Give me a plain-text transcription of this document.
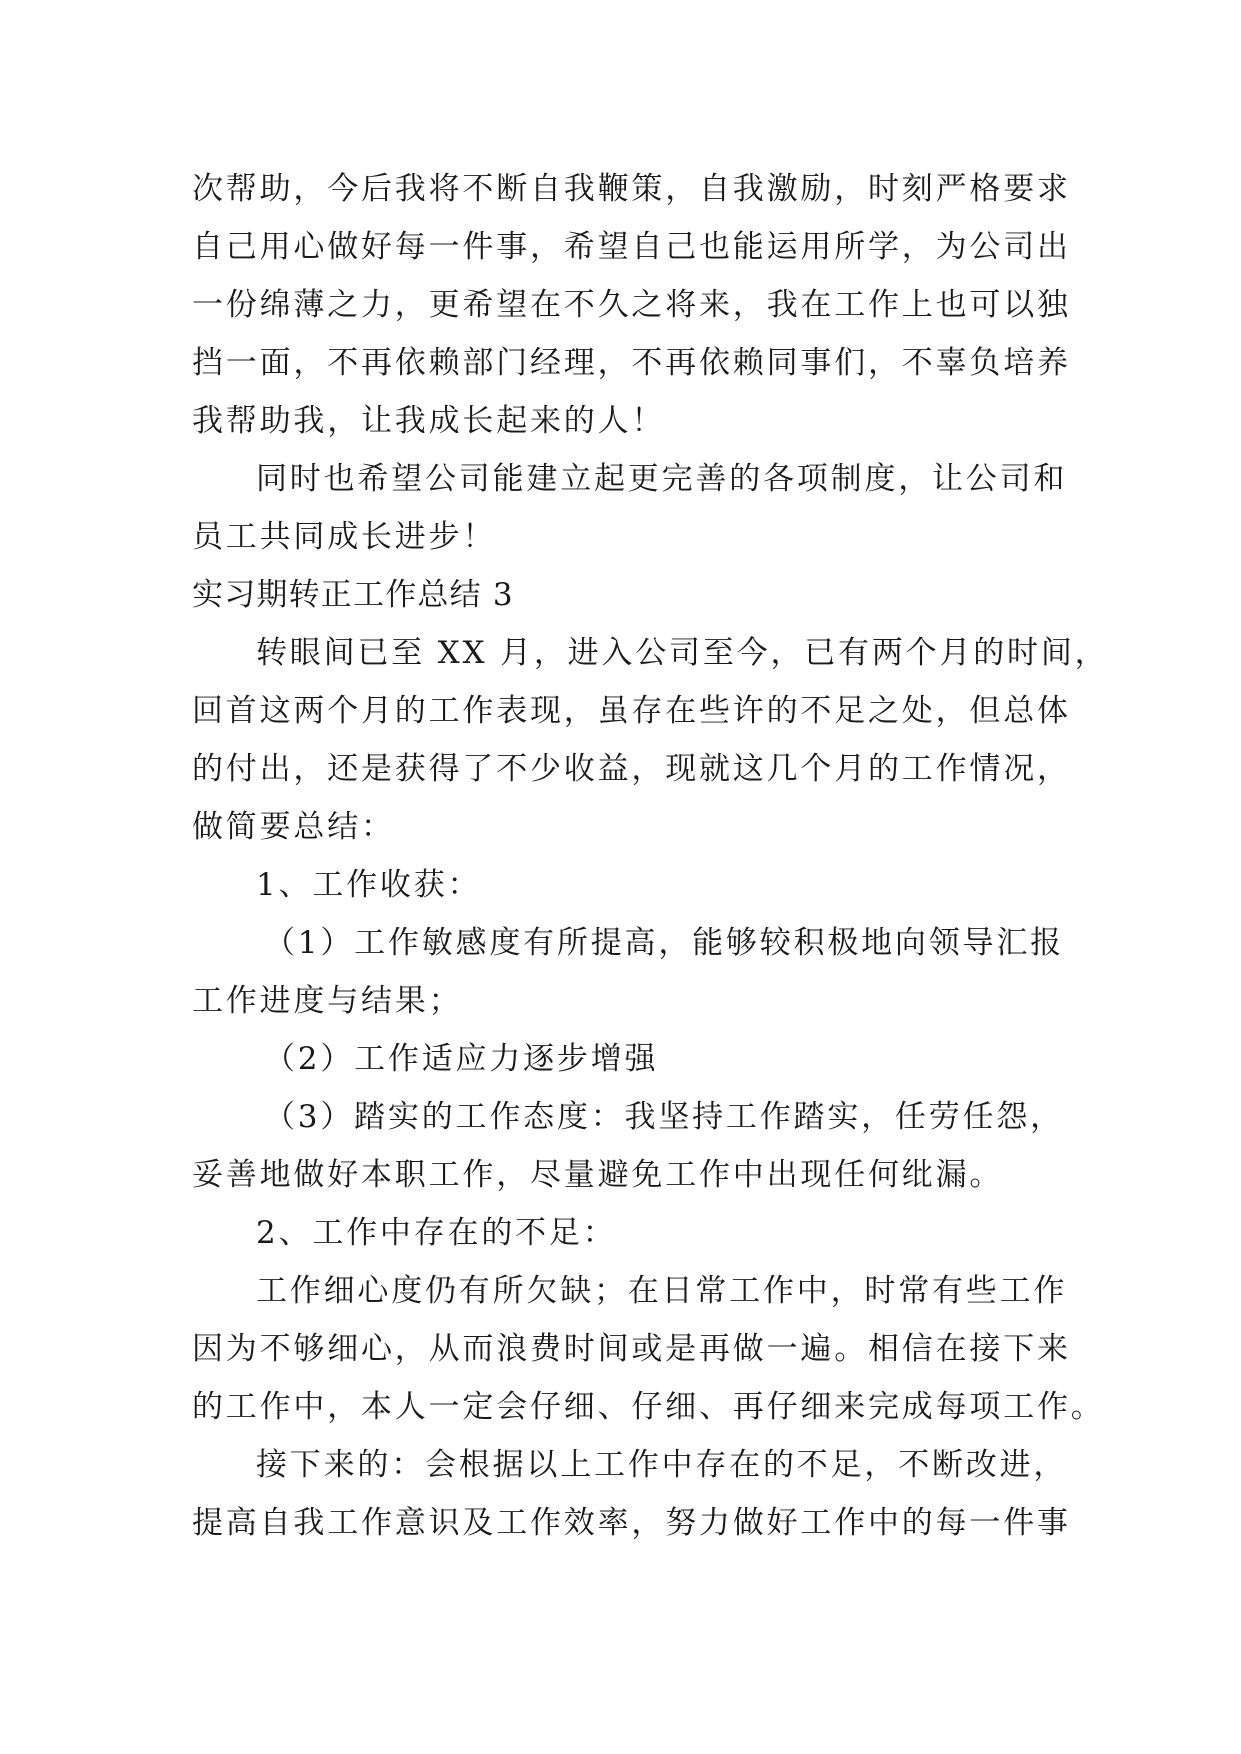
次帮助，今后我将不断自我鞭策，自我激励，时刻严格要求
自己用心做好每一件事，希望自己也能运用所学，为公司出
一份绵薄之力，更希望在不久之将来，我在工作上也可以独
挡一面，不再依赖部门经理，不再依赖同事们，不辜负培养
我帮助我，让我成长起来的人！
同时也希望公司能建立起更完善的各项制度，让公司和
员工共同成长进步！
实习期转正工作总结 3
转眼间已至 XX 月，进入公司至今，已有两个月的时间，
回首这两个月的工作表现，虽存在些许的不足之处，但总体
的付出，还是获得了不少收益，现就这几个月的工作情况，
做简要总结：
1、工作收获：
（1）工作敏感度有所提高，能够较积极地向领导汇报
工作进度与结果；
（2）工作适应力逐步增强
（3）踏实的工作态度：我坚持工作踏实，任劳任怨，
妥善地做好本职工作，尽量避免工作中出现任何纰漏。
2、工作中存在的不足：
工作细心度仍有所欠缺；在日常工作中，时常有些工作
因为不够细心，从而浪费时间或是再做一遍。相信在接下来
的工作中，本人一定会仔细、仔细、再仔细来完成每项工作。
接下来的：会根据以上工作中存在的不足，不断改进，
提高自我工作意识及工作效率，努力做好工作中的每一件事
